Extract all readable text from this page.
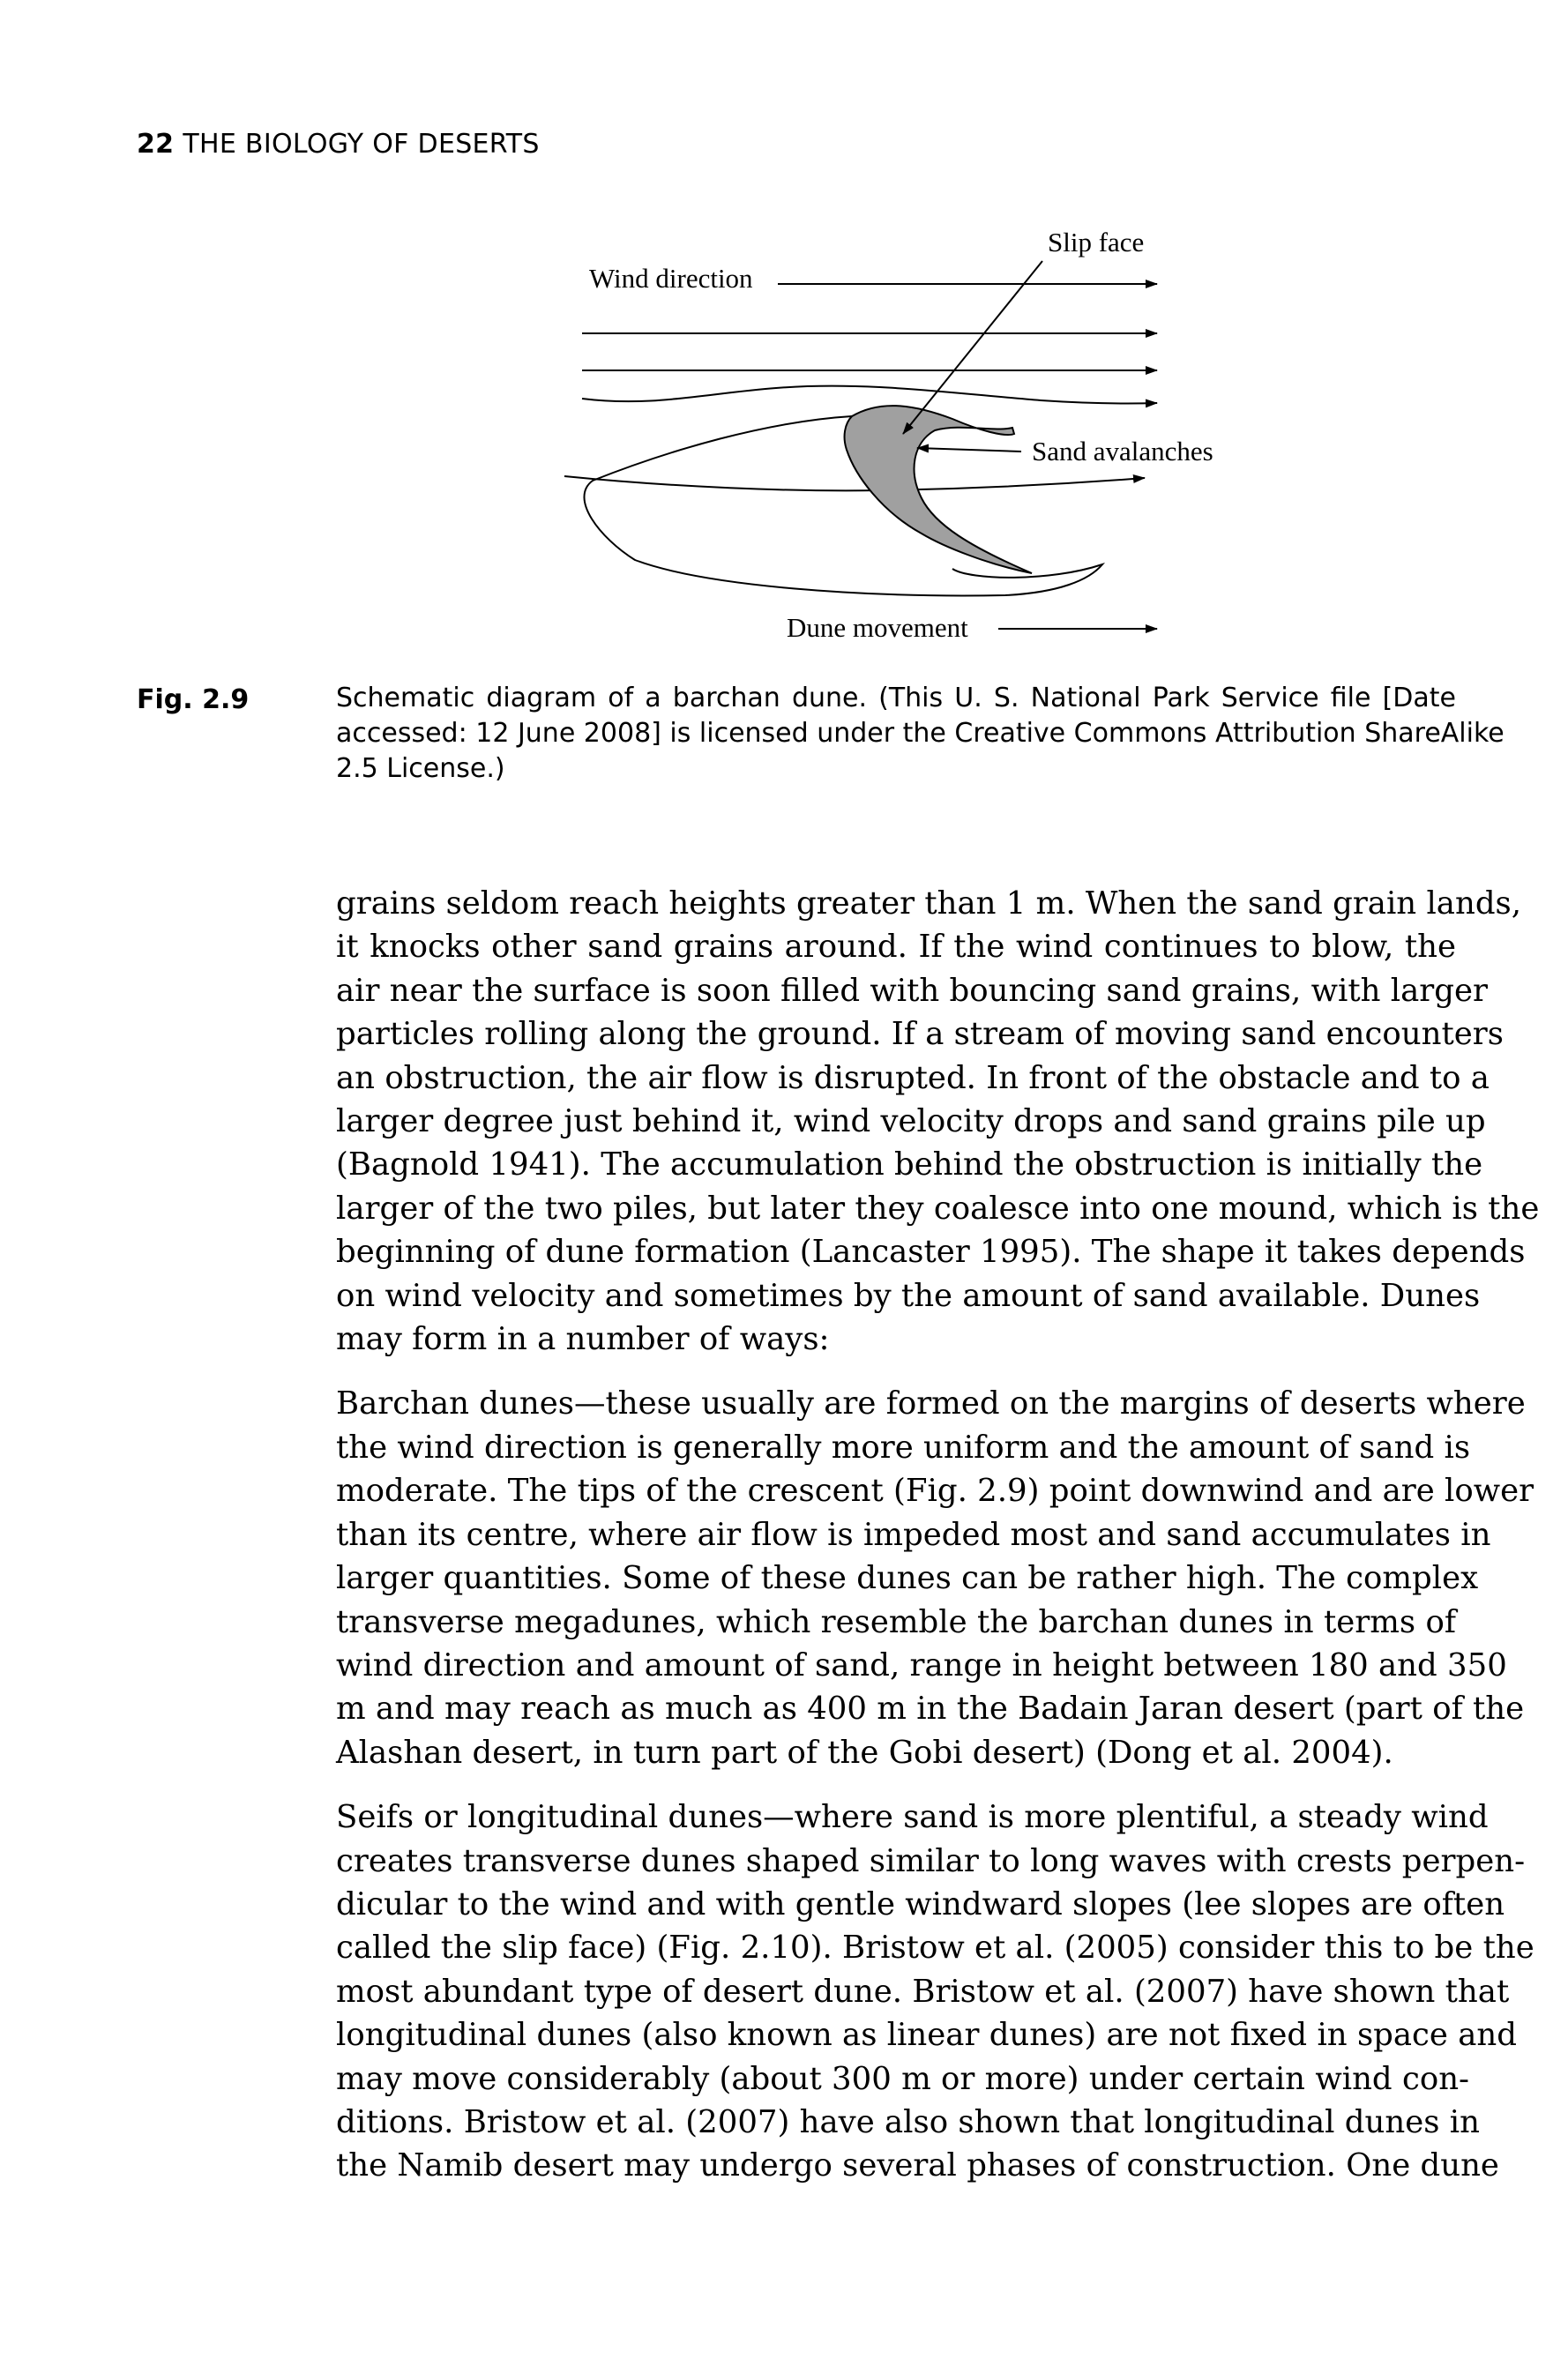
22 THE BIOLOGY OF DESERTS
Wind direction
Slip face
Sand avalanches
Dune movement
Fig. 2.9	Schematic diagram of a barchan dune. (This U. S. National Park Service file [Date
accessed: 12 June 2008] is licensed under the Creative Commons Attribution ShareAlike
2.5 License.)
grains seldom reach heights greater than 1 m. When the sand grain lands,
it knocks other sand grains around. If the wind continues to blow, the
air near the surface is soon filled with bouncing sand grains, with larger
particles rolling along the ground. If a stream of moving sand encounters
an obstruction, the air flow is disrupted. In front of the obstacle and to a
larger degree just behind it, wind velocity drops and sand grains pile up
(Bagnold 1941). The accumulation behind the obstruction is initially the
larger of the two piles, but later they coalesce into one mound, which is the
beginning of dune formation (Lancaster 1995). The shape it takes depends
on wind velocity and sometimes by the amount of sand available. Dunes
may form in a number of ways:
Barchan dunes—these usually are formed on the margins of deserts where
the wind direction is generally more uniform and the amount of sand is
moderate. The tips of the crescent (Fig. 2.9) point downwind and are lower
than its centre, where air flow is impeded most and sand accumulates in
larger quantities. Some of these dunes can be rather high. The complex
transverse megadunes, which resemble the barchan dunes in terms of
wind direction and amount of sand, range in height between 180 and 350
m and may reach as much as 400 m in the Badain Jaran desert (part of the
Alashan desert, in turn part of the Gobi desert) (Dong et al. 2004).
Seifs or longitudinal dunes—where sand is more plentiful, a steady wind
creates transverse dunes shaped similar to long waves with crests perpen-
dicular to the wind and with gentle windward slopes (lee slopes are often
called the slip face) (Fig. 2.10). Bristow et al. (2005) consider this to be the
most abundant type of desert dune. Bristow et al. (2007) have shown that
longitudinal dunes (also known as linear dunes) are not fixed in space and
may move considerably (about 300 m or more) under certain wind con-
ditions. Bristow et al. (2007) have also shown that longitudinal dunes in
the Namib desert may undergo several phases of construction. One dune
